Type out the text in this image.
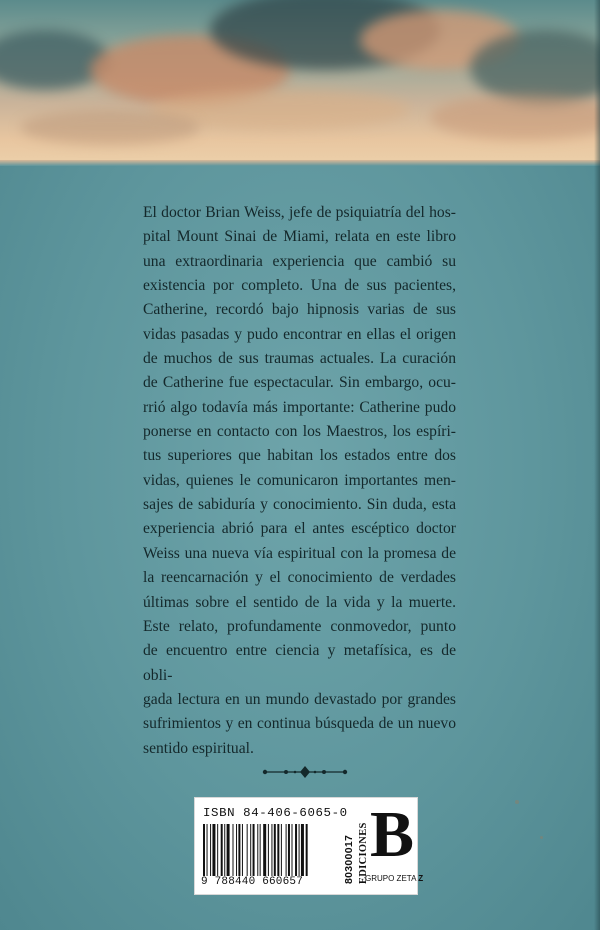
El doctor Brian Weiss, jefe de psiquiatría del hos-
pital Mount Sinai de Miami, relata en este libro
una extraordinaria experiencia que cambió su
existencia por completo. Una de sus pacientes,
Catherine, recordó bajo hipnosis varias de sus
vidas pasadas y pudo encontrar en ellas el origen
de muchos de sus traumas actuales. La curación
de Catherine fue espectacular. Sin embargo, ocu-
rrió algo todavía más importante: Catherine pudo
ponerse en contacto con los Maestros, los espíri-
tus superiores que habitan los estados entre dos
vidas, quienes le comunicaron importantes men-
sajes de sabiduría y conocimiento. Sin duda, esta
experiencia abrió para el antes escéptico doctor
Weiss una nueva vía espiritual con la promesa de
la reencarnación y el conocimiento de verdades
últimas sobre el sentido de la vida y la muerte.
Este relato, profundamente conmovedor, punto
de encuentro entre ciencia y metafísica, es de obli-
gada lectura en un mundo devastado por grandes
sufrimientos y en continua búsqueda de un nuevo
sentido espiritual.
ISBN 84-406-6065-0
9 788440 660657	80300017 EDICIONES B
GRUPO ZETA Z
